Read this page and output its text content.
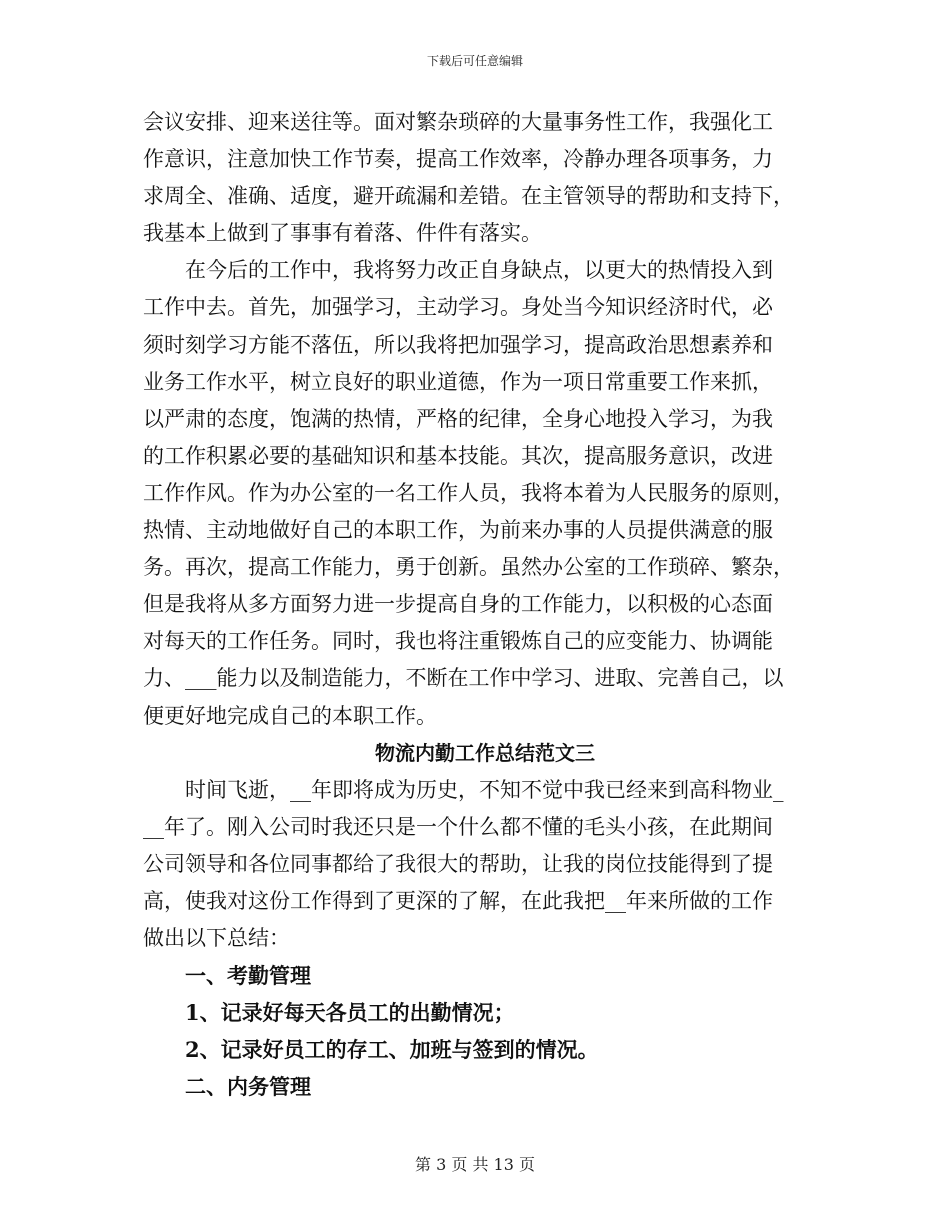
下载后可任意编辑
会议安排、迎来送往等。面对繁杂琐碎的大量事务性工作，我强化工
作意识，注意加快工作节奏，提高工作效率，冷静办理各项事务，力
求周全、准确、适度，避开疏漏和差错。在主管领导的帮助和支持下，
我基本上做到了事事有着落、件件有落实。
在今后的工作中，我将努力改正自身缺点，以更大的热情投入到
工作中去。首先，加强学习，主动学习。身处当今知识经济时代，必
须时刻学习方能不落伍，所以我将把加强学习，提高政治思想素养和
业务工作水平，树立良好的职业道德，作为一项日常重要工作来抓，
以严肃的态度，饱满的热情，严格的纪律，全身心地投入学习，为我
的工作积累必要的基础知识和基本技能。其次，提高服务意识，改进
工作作风。作为办公室的一名工作人员，我将本着为人民服务的原则，
热情、主动地做好自己的本职工作，为前来办事的人员提供满意的服
务。再次，提高工作能力，勇于创新。虽然办公室的工作琐碎、繁杂，
但是我将从多方面努力进一步提高自身的工作能力，以积极的心态面
对每天的工作任务。同时，我也将注重锻炼自己的应变能力、协调能
力、___能力以及制造能力，不断在工作中学习、进取、完善自己，以
便更好地完成自己的本职工作。
物流内勤工作总结范文三
时间飞逝，__年即将成为历史，不知不觉中我已经来到高科物业_
__年了。刚入公司时我还只是一个什么都不懂的毛头小孩，在此期间
公司领导和各位同事都给了我很大的帮助，让我的岗位技能得到了提
高，使我对这份工作得到了更深的了解，在此我把__年来所做的工作
做出以下总结：
一、考勤管理
1、记录好每天各员工的出勤情况；
2、记录好员工的存工、加班与签到的情况。
二、内务管理
第 3 页 共 13 页
